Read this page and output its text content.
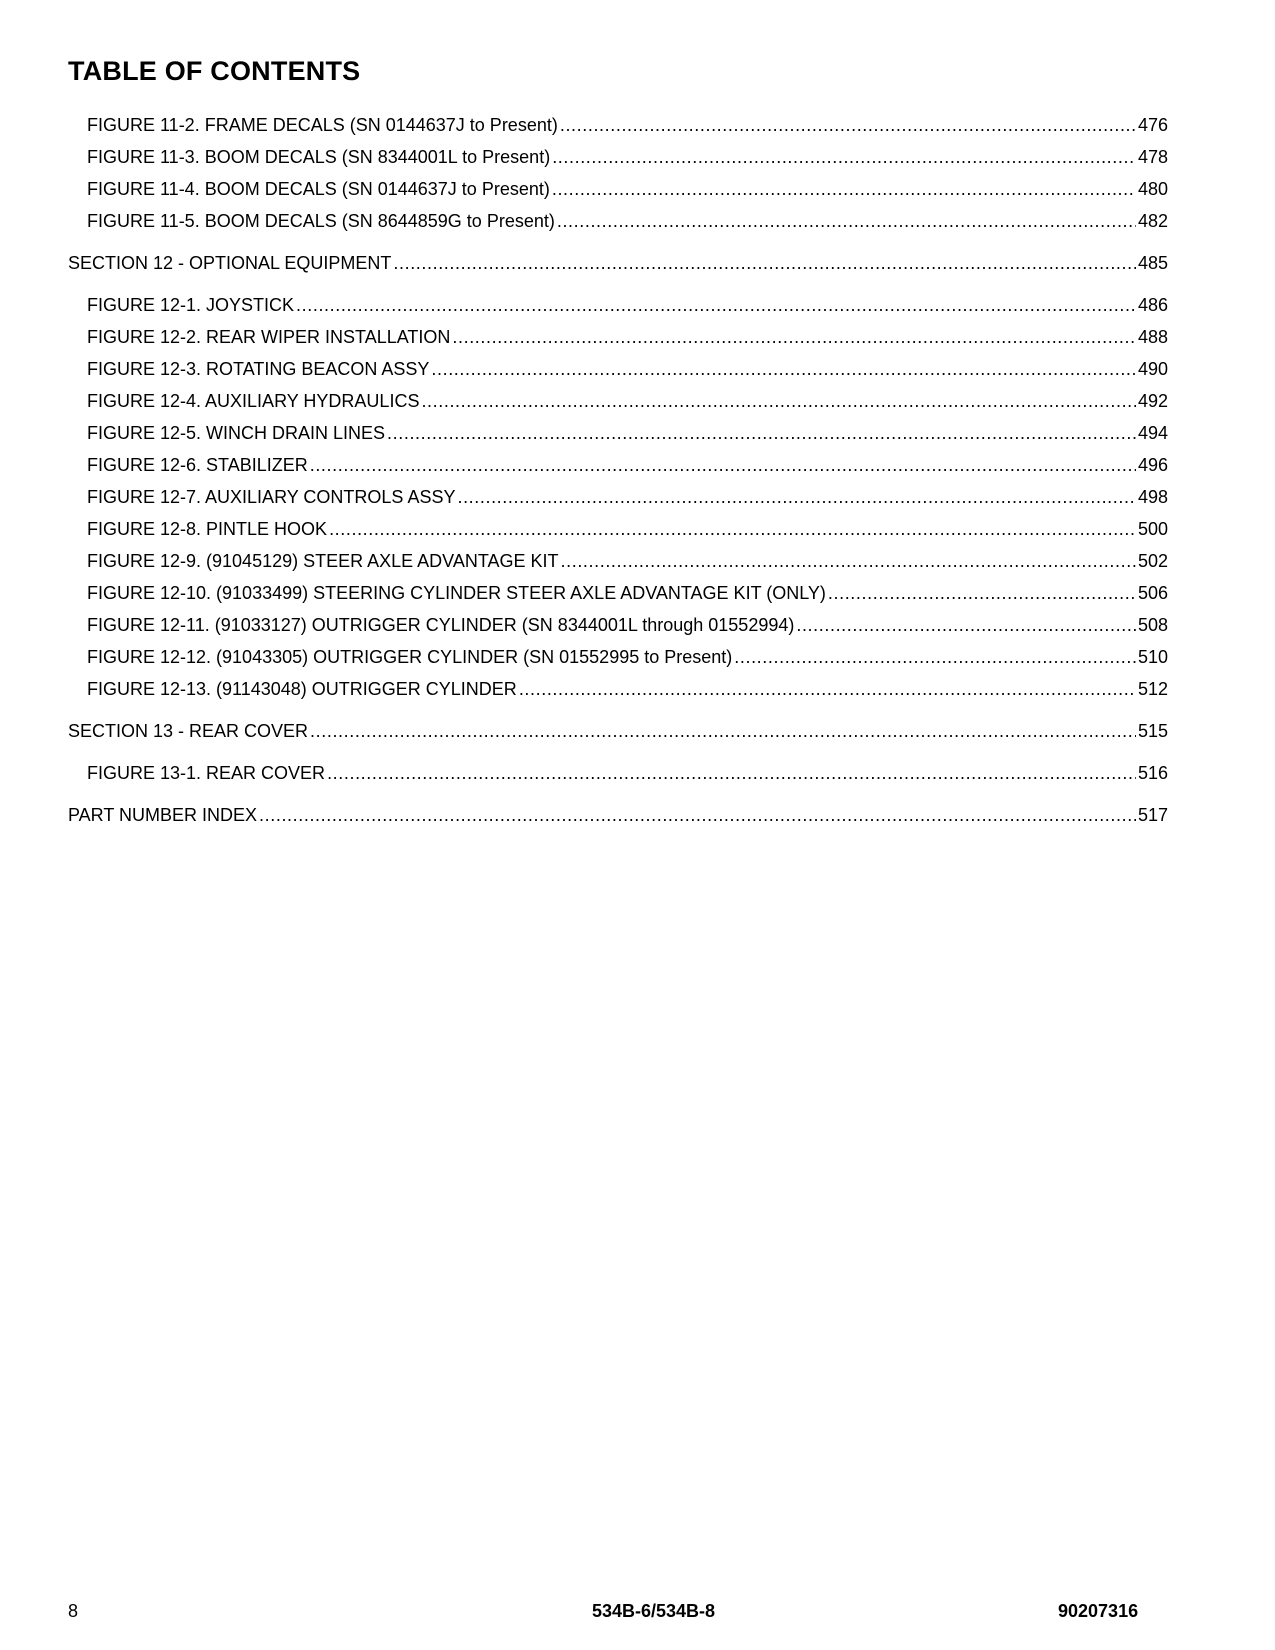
TABLE OF CONTENTS
FIGURE 11-2. FRAME DECALS (SN 0144637J to Present) .....	476
FIGURE 11-3. BOOM DECALS (SN 8344001L to Present) .....	478
FIGURE 11-4. BOOM DECALS (SN 0144637J to Present) .....	480
FIGURE 11-5. BOOM DECALS (SN 8644859G to Present) .....	482
SECTION 12 - OPTIONAL EQUIPMENT .....	485
FIGURE 12-1. JOYSTICK .....	486
FIGURE 12-2. REAR WIPER INSTALLATION .....	488
FIGURE 12-3. ROTATING BEACON ASSY .....	490
FIGURE 12-4. AUXILIARY HYDRAULICS .....	492
FIGURE 12-5. WINCH DRAIN LINES .....	494
FIGURE 12-6. STABILIZER .....	496
FIGURE 12-7. AUXILIARY CONTROLS ASSY .....	498
FIGURE 12-8. PINTLE HOOK .....	500
FIGURE 12-9. (91045129) STEER AXLE ADVANTAGE KIT .....	502
FIGURE 12-10. (91033499) STEERING CYLINDER STEER AXLE ADVANTAGE KIT (ONLY) .....	506
FIGURE 12-11. (91033127) OUTRIGGER CYLINDER (SN 8344001L through 01552994) .....	508
FIGURE 12-12. (91043305) OUTRIGGER CYLINDER (SN 01552995 to Present) .....	510
FIGURE 12-13. (91143048) OUTRIGGER CYLINDER .....	512
SECTION 13 - REAR COVER .....	515
FIGURE 13-1. REAR COVER .....	516
PART NUMBER INDEX .....	517
8	534B-6/534B-8	90207316
